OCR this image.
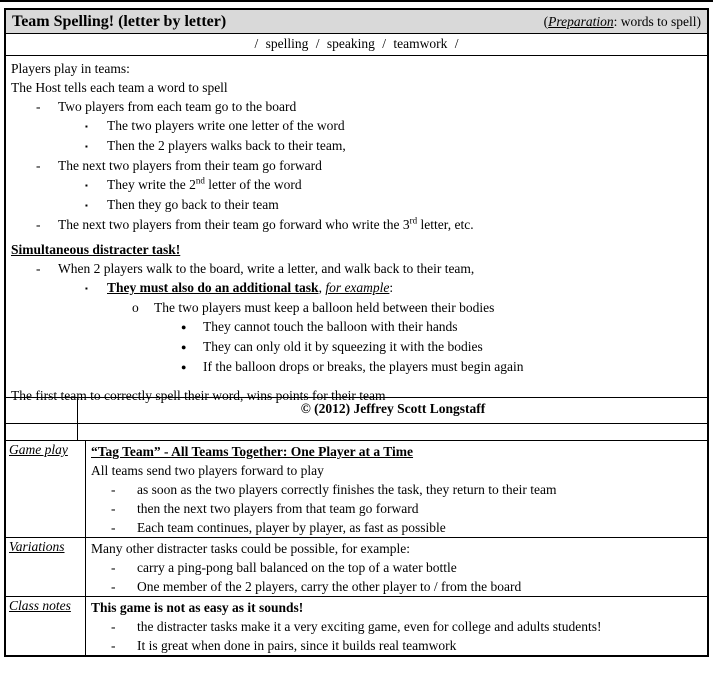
Team Spelling! (letter by letter)	(Preparation: words to spell)
/ spelling / speaking / teamwork /
Players play in teams:
The Host tells each team a word to spell
- Two players from each team go to the board
▪ The two players write one letter of the word
▪ Then the 2 players walks back to their team,
- The next two players from their team go forward
▪ They write the 2nd letter of the word
▪ Then they go back to their team
- The next two players from their team go forward who write the 3rd letter, etc.
Simultaneous distracter task!
- When 2 players walk to the board, write a letter, and walk back to their team,
▪ They must also do an additional task, for example:
o The two players must keep a balloon held between their bodies
● They cannot touch the balloon with their hands
● They can only old it by squeezing it with the bodies
● If the balloon drops or breaks, the players must begin again
The first team to correctly spell their word, wins points for their team
© (2012) Jeffrey Scott Longstaff
Game play	“Tag Team” - All Teams Together: One Player at a Time
All teams send two players forward to play
- as soon as the two players correctly finishes the task, they return to their team
- then the next two players from that team go forward
- Each team continues, player by player, as fast as possible
Variations	Many other distracter tasks could be possible, for example:
- carry a ping-pong ball balanced on the top of a water bottle
- One member of the 2 players, carry the other player to / from the board
Class notes	This game is not as easy as it sounds!
- the distracter tasks make it a very exciting game, even for college and adults students!
- It is great when done in pairs, since it builds real teamwork
